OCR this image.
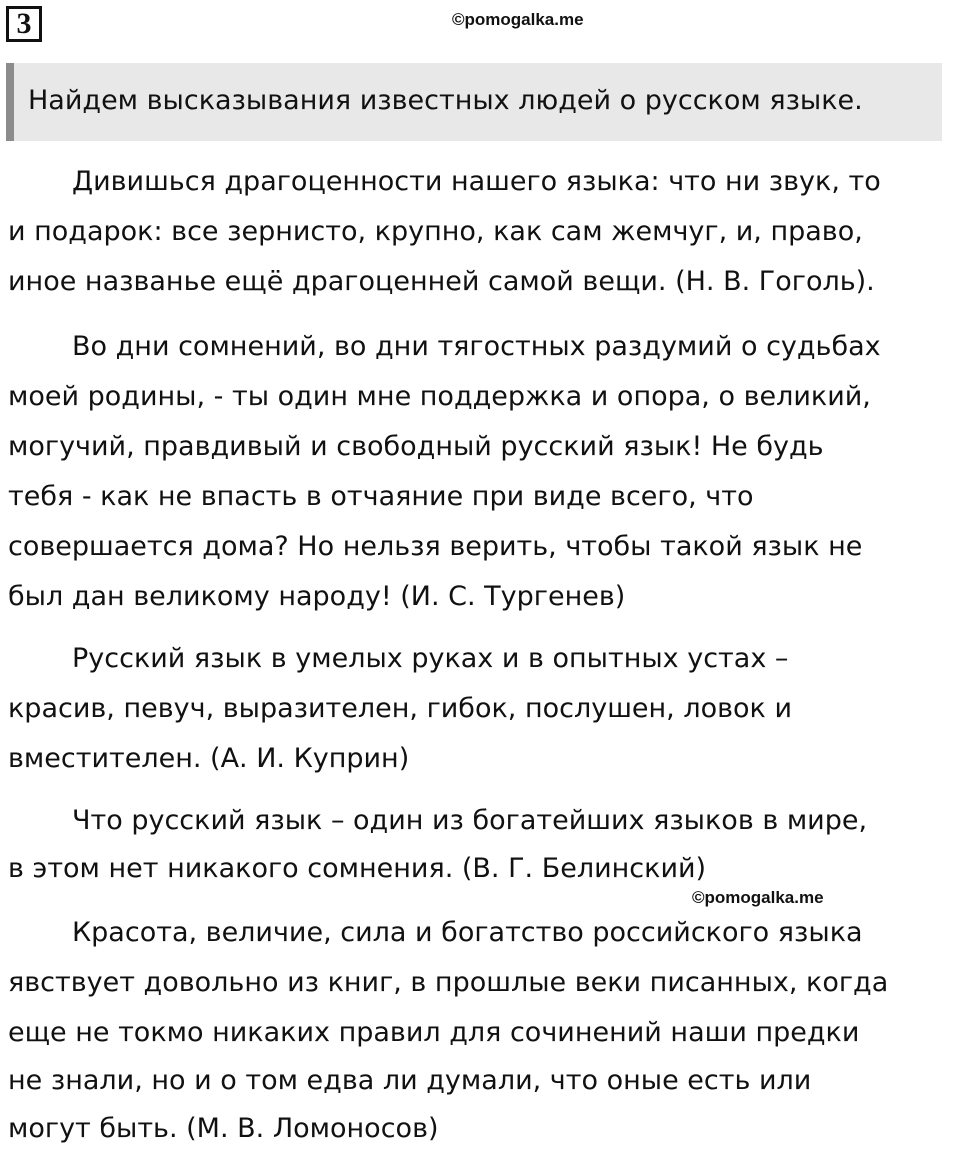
3	©pomogalka.me
Найдем высказывания известных людей о русском языке.
Дивишься драгоценности нашего языка: что ни звук, то
и подарок: все зернисто, крупно, как сам жемчуг, и, право,
иное названье ещё драгоценней самой вещи. (Н. В. Гоголь).
Во дни сомнений, во дни тягостных раздумий о судьбах
моей родины, - ты один мне поддержка и опора, о великий,
могучий, правдивый и свободный русский язык! Не будь
тебя - как не впасть в отчаяние при виде всего, что
совершается дома? Но нельзя верить, чтобы такой язык не
был дан великому народу! (И. С. Тургенев)
Русский язык в умелых руках и в опытных устах –
красив, певуч, выразителен, гибок, послушен, ловок и
вместителен. (А. И. Куприн)
Что русский язык – один из богатейших языков в мире,
в этом нет никакого сомнения. (В. Г. Белинский)
©pomogalka.me
Красота, величие, сила и богатство российского языка
явствует довольно из книг, в прошлые веки писанных, когда
еще не токмо никаких правил для сочинений наши предки
не знали, но и о том едва ли думали, что оные есть или
могут быть. (М. В. Ломоносов)
